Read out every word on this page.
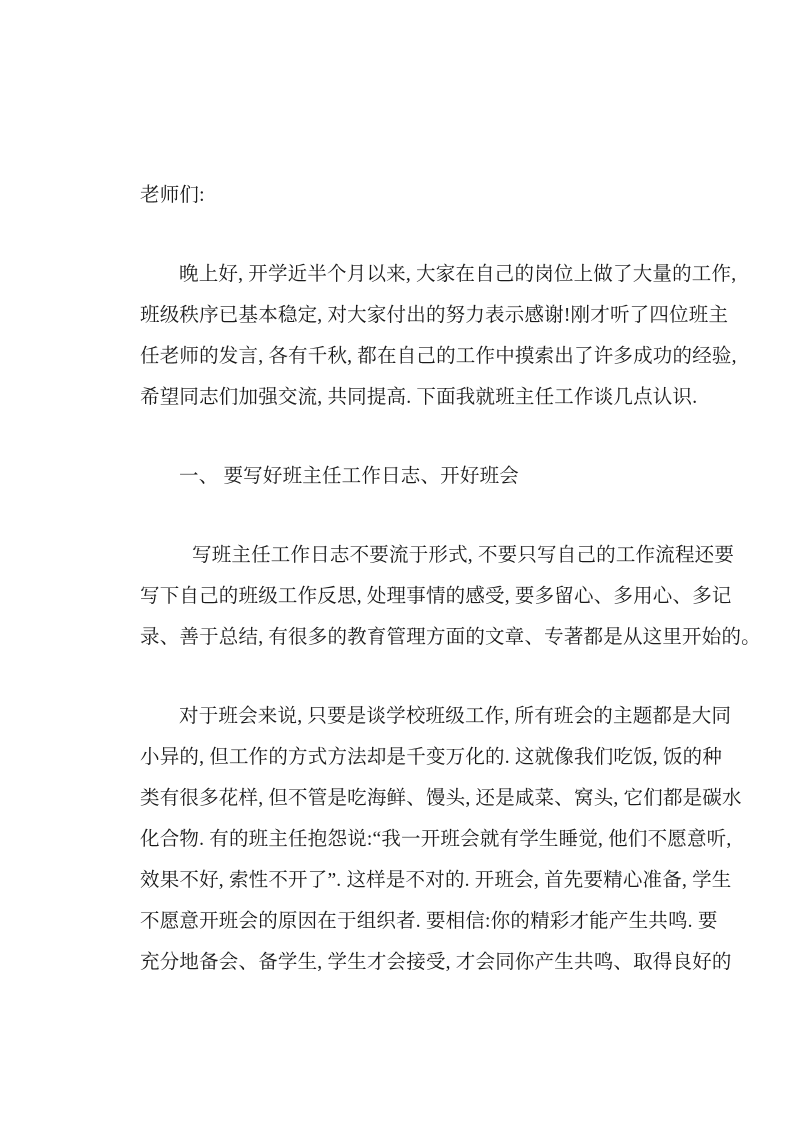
老师们:

晚上好, 开学近半个月以来, 大家在自己的岗位上做了大量的工作,
班级秩序已基本稳定, 对大家付出的努力表示感谢!刚才听了四位班主
任老师的发言, 各有千秋, 都在自己的工作中摸索出了许多成功的经验,
希望同志们加强交流, 共同提高. 下面我就班主任工作谈几点认识.

一、 要写好班主任工作日志、开好班会

写班主任工作日志不要流于形式, 不要只写自己的工作流程还要
写下自己的班级工作反思, 处理事情的感受, 要多留心、多用心、多记
录、善于总结, 有很多的教育管理方面的文章、专著都是从这里开始的。

对于班会来说, 只要是谈学校班级工作, 所有班会的主题都是大同
小异的, 但工作的方式方法却是千变万化的. 这就像我们吃饭, 饭的种
类有很多花样, 但不管是吃海鲜、馒头, 还是咸菜、窝头, 它们都是碳水
化合物. 有的班主任抱怨说:“我一开班会就有学生睡觉, 他们不愿意听,
效果不好, 索性不开了”. 这样是不对的. 开班会, 首先要精心准备, 学生
不愿意开班会的原因在于组织者. 要相信:你的精彩才能产生共鸣. 要
充分地备会、备学生, 学生才会接受, 才会同你产生共鸣、取得良好的
